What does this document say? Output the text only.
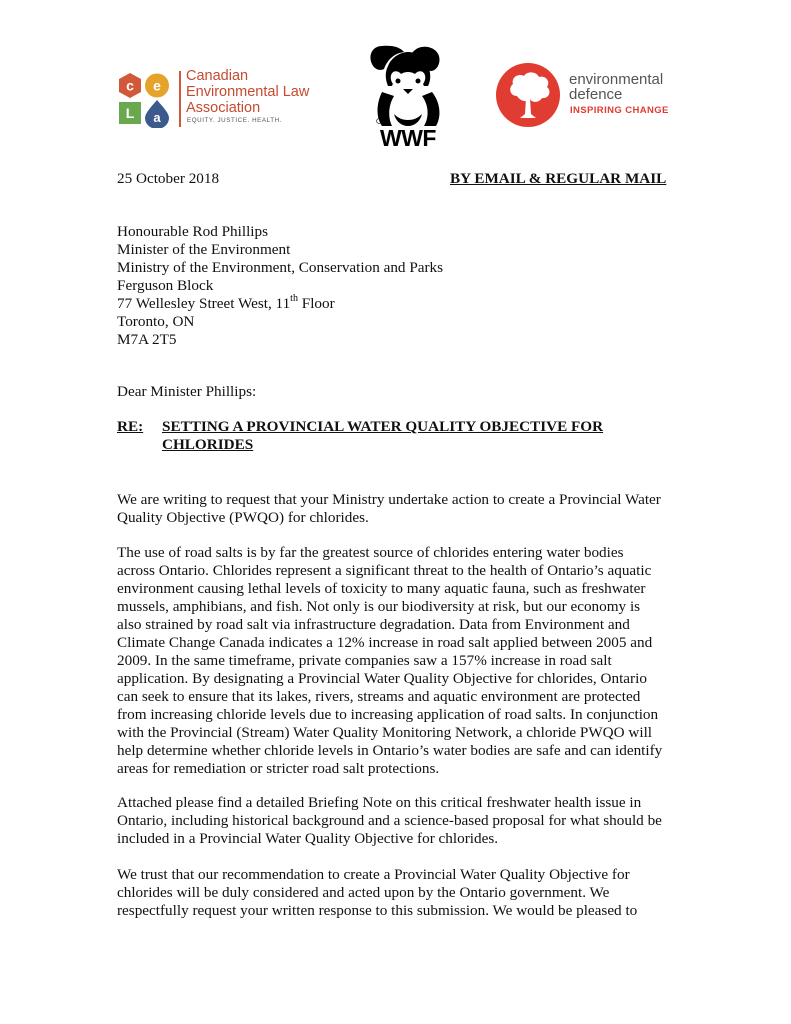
c e
L a
Canadian
Environmental Law
Association
EQUITY. JUSTICE. HEALTH.
WWF
environmental
defence
INSPIRING CHANGE
25 October 2018	BY EMAIL & REGULAR MAIL
Honourable Rod Phillips
Minister of the Environment
Ministry of the Environment, Conservation and Parks
Ferguson Block
77 Wellesley Street West, 11th Floor
Toronto, ON
M7A 2T5
Dear Minister Phillips:
RE: SETTING A PROVINCIAL WATER QUALITY OBJECTIVE FOR
CHLORIDES
We are writing to request that your Ministry undertake action to create a Provincial Water
Quality Objective (PWQO) for chlorides.
The use of road salts is by far the greatest source of chlorides entering water bodies
across Ontario. Chlorides represent a significant threat to the health of Ontario’s aquatic
environment causing lethal levels of toxicity to many aquatic fauna, such as freshwater
mussels, amphibians, and fish. Not only is our biodiversity at risk, but our economy is
also strained by road salt via infrastructure degradation. Data from Environment and
Climate Change Canada indicates a 12% increase in road salt applied between 2005 and
2009. In the same timeframe, private companies saw a 157% increase in road salt
application. By designating a Provincial Water Quality Objective for chlorides, Ontario
can seek to ensure that its lakes, rivers, streams and aquatic environment are protected
from increasing chloride levels due to increasing application of road salts. In conjunction
with the Provincial (Stream) Water Quality Monitoring Network, a chloride PWQO will
help determine whether chloride levels in Ontario’s water bodies are safe and can identify
areas for remediation or stricter road salt protections.
Attached please find a detailed Briefing Note on this critical freshwater health issue in
Ontario, including historical background and a science-based proposal for what should be
included in a Provincial Water Quality Objective for chlorides.
We trust that our recommendation to create a Provincial Water Quality Objective for
chlorides will be duly considered and acted upon by the Ontario government. We
respectfully request your written response to this submission. We would be pleased to
